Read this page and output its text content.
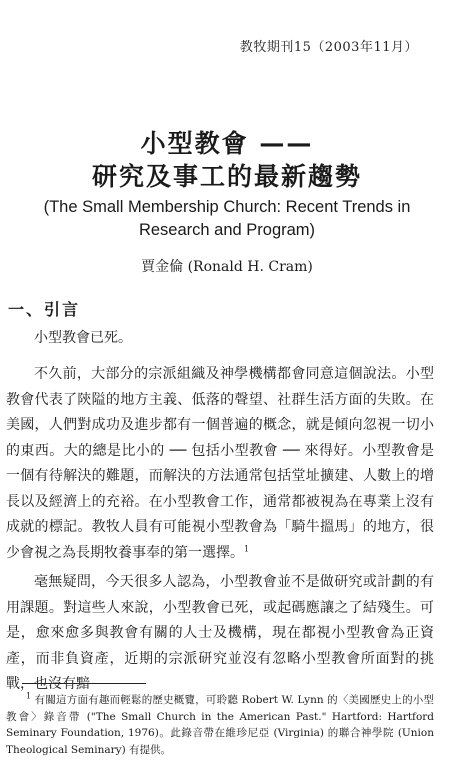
教牧期刊15（2003年11月）
小型教會 ——
研究及事工的最新趨勢
(The Small Membership Church: Recent Trends in
Research and Program)
賈金倫 (Ronald H. Cram)
一、引言

小型教會已死。

不久前，大部分的宗派組織及神學機構都會同意這個說法。小型教會代表了陝隘的地方主義、低落的聲望、社群生活方面的失敗。在美國，人們對成功及進步都有一個普遍的概念，就是傾向忽視一切小的東西。大的總是比小的 ── 包括小型教會 ── 來得好。小型教會是一個有待解決的難題，而解決的方法通常包括堂址擴建、人數上的增長以及經濟上的充裕。在小型教會工作，通常都被視為在專業上沒有成就的標記。教牧人員有可能視小型教會為「騎牛搵馬」的地方，很少會視之為長期牧養事奉的第一選擇。$^1$

毫無疑問，今天很多人認為，小型教會並不是做研究或計劃的有用課題。對這些人來說，小型教會已死，或起碼應讓之了結殘生。可是，愈來愈多與教會有關的人士及機構，現在都視小型教會為正資產，而非負資產，近期的宗派研究並沒有忽略小型教會所面對的挑戰，也沒有黯

$^1$ 有關這方面有趣而輕鬆的歷史概覽，可聆聽 Robert W. Lynn 的〈美國歷史上的小型教會〉錄音帶 ("The Small Church in the American Past." Hartford: Hartford Seminary Foundation, 1976)。此錄音帶在維珍尼亞 (Virginia) 的聯合神學院 (Union Theological Seminary) 有提供。
